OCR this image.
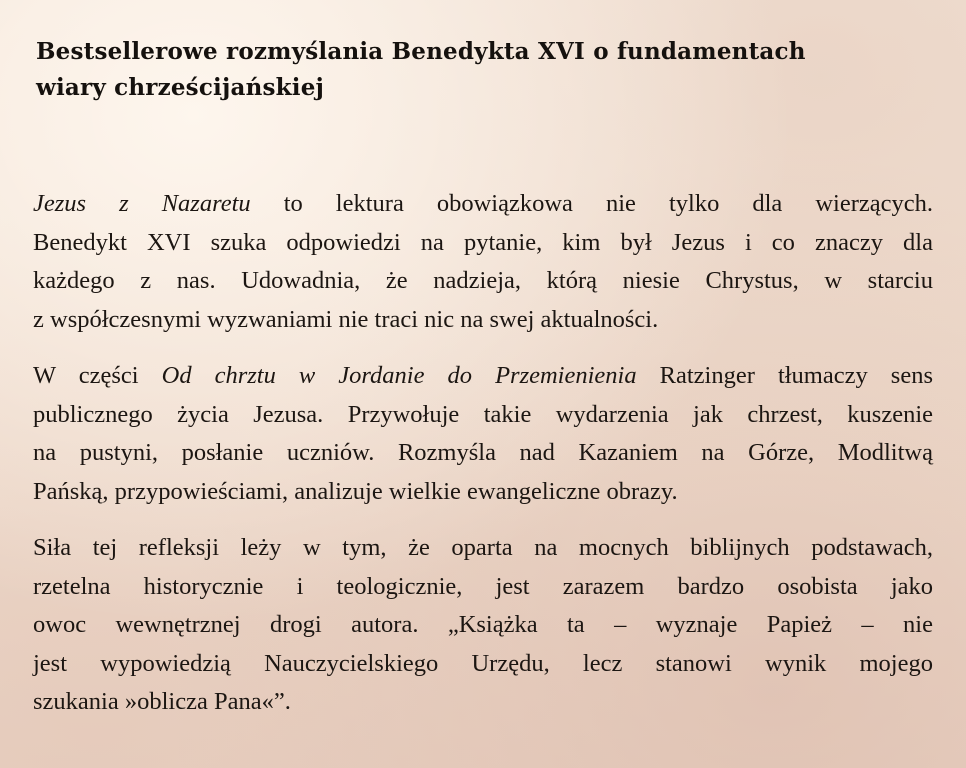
Bestsellerowe rozmyślania Benedykta XVI o fundamentach
wiary chrześcijańskiej

Jezus z Nazaretu to lektura obowiązkowa nie tylko dla wierzących.
Benedykt XVI szuka odpowiedzi na pytanie, kim był Jezus i co znaczy dla
każdego z nas. Udowadnia, że nadzieja, którą niesie Chrystus, w starciu
z współczesnymi wyzwaniami nie traci nic na swej aktualności.

W części Od chrztu w Jordanie do Przemienienia Ratzinger tłumaczy sens
publicznego życia Jezusa. Przywołuje takie wydarzenia jak chrzest, kuszenie
na pustyni, posłanie uczniów. Rozmyśla nad Kazaniem na Górze, Modlitwą
Pańską, przypowieściami, analizuje wielkie ewangeliczne obrazy.

Siła tej refleksji leży w tym, że oparta na mocnych biblijnych podstawach,
rzetelna historycznie i teologicznie, jest zarazem bardzo osobista jako
owoc wewnętrznej drogi autora. „Książka ta – wyznaje Papież – nie
jest wypowiedzią Nauczycielskiego Urzędu, lecz stanowi wynik mojego
szukania »oblicza Pana«”.
